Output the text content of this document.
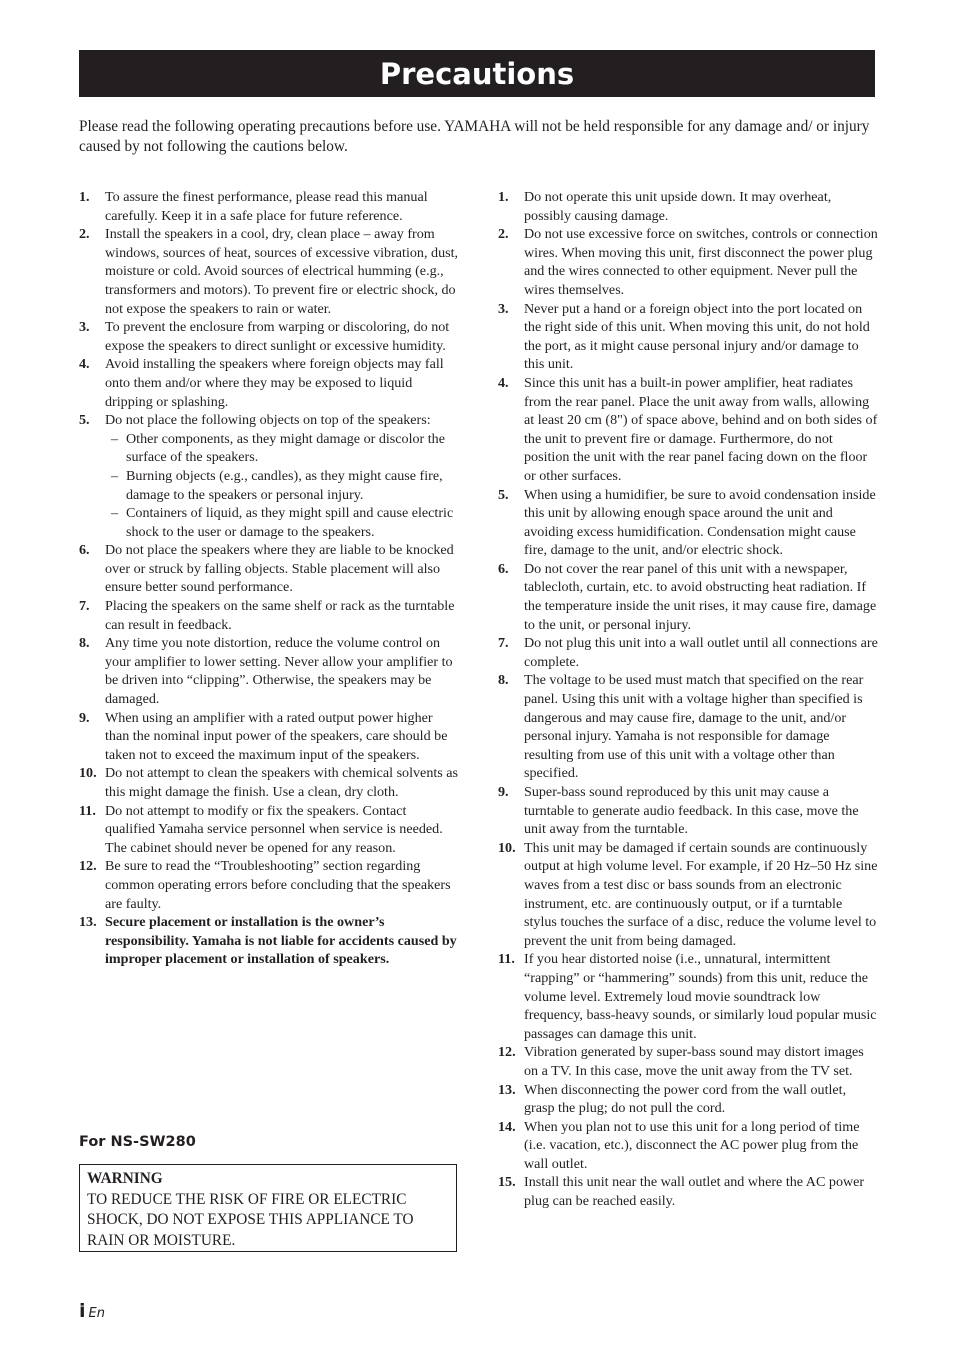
Precautions

Please read the following operating precautions before use. YAMAHA will not be held responsible for any damage and/ or injury caused by not following the cautions below.

1. To assure the finest performance, please read this manual carefully. Keep it in a safe place for future reference.
2. Install the speakers in a cool, dry, clean place – away from windows, sources of heat, sources of excessive vibration, dust, moisture or cold. Avoid sources of electrical humming (e.g., transformers and motors). To prevent fire or electric shock, do not expose the speakers to rain or water.
3. To prevent the enclosure from warping or discoloring, do not expose the speakers to direct sunlight or excessive humidity.
4. Avoid installing the speakers where foreign objects may fall onto them and/or where they may be exposed to liquid dripping or splashing.
5. Do not place the following objects on top of the speakers:
– Other components, as they might damage or discolor the surface of the speakers.
– Burning objects (e.g., candles), as they might cause fire, damage to the speakers or personal injury.
– Containers of liquid, as they might spill and cause electric shock to the user or damage to the speakers.
6. Do not place the speakers where they are liable to be knocked over or struck by falling objects. Stable placement will also ensure better sound performance.
7. Placing the speakers on the same shelf or rack as the turntable can result in feedback.
8. Any time you note distortion, reduce the volume control on your amplifier to lower setting. Never allow your amplifier to be driven into “clipping”. Otherwise, the speakers may be damaged.
9. When using an amplifier with a rated output power higher than the nominal input power of the speakers, care should be taken not to exceed the maximum input of the speakers.
10. Do not attempt to clean the speakers with chemical solvents as this might damage the finish. Use a clean, dry cloth.
11. Do not attempt to modify or fix the speakers. Contact qualified Yamaha service personnel when service is needed. The cabinet should never be opened for any reason.
12. Be sure to read the “Troubleshooting” section regarding common operating errors before concluding that the speakers are faulty.
13. Secure placement or installation is the owner’s responsibility. Yamaha is not liable for accidents caused by improper placement or installation of speakers.
For NS-SW280
WARNING
TO REDUCE THE RISK OF FIRE OR ELECTRIC SHOCK, DO NOT EXPOSE THIS APPLIANCE TO RAIN OR MOISTURE.
1. Do not operate this unit upside down. It may overheat, possibly causing damage.
2. Do not use excessive force on switches, controls or connection wires. When moving this unit, first disconnect the power plug and the wires connected to other equipment. Never pull the wires themselves.
3. Never put a hand or a foreign object into the port located on the right side of this unit. When moving this unit, do not hold the port, as it might cause personal injury and/or damage to this unit.
4. Since this unit has a built-in power amplifier, heat radiates from the rear panel. Place the unit away from walls, allowing at least 20 cm (8") of space above, behind and on both sides of the unit to prevent fire or damage. Furthermore, do not position the unit with the rear panel facing down on the floor or other surfaces.
5. When using a humidifier, be sure to avoid condensation inside this unit by allowing enough space around the unit and avoiding excess humidification. Condensation might cause fire, damage to the unit, and/or electric shock.
6. Do not cover the rear panel of this unit with a newspaper, tablecloth, curtain, etc. to avoid obstructing heat radiation. If the temperature inside the unit rises, it may cause fire, damage to the unit, or personal injury.
7. Do not plug this unit into a wall outlet until all connections are complete.
8. The voltage to be used must match that specified on the rear panel. Using this unit with a voltage higher than specified is dangerous and may cause fire, damage to the unit, and/or personal injury. Yamaha is not responsible for damage resulting from use of this unit with a voltage other than specified.
9. Super-bass sound reproduced by this unit may cause a turntable to generate audio feedback. In this case, move the unit away from the turntable.
10. This unit may be damaged if certain sounds are continuously output at high volume level. For example, if 20 Hz–50 Hz sine waves from a test disc or bass sounds from an electronic instrument, etc. are continuously output, or if a turntable stylus touches the surface of a disc, reduce the volume level to prevent the unit from being damaged.
11. If you hear distorted noise (i.e., unnatural, intermittent “rapping” or “hammering” sounds) from this unit, reduce the volume level. Extremely loud movie soundtrack low frequency, bass-heavy sounds, or similarly loud popular music passages can damage this unit.
12. Vibration generated by super-bass sound may distort images on a TV. In this case, move the unit away from the TV set.
13. When disconnecting the power cord from the wall outlet, grasp the plug; do not pull the cord.
14. When you plan not to use this unit for a long period of time (i.e. vacation, etc.), disconnect the AC power plug from the wall outlet.
15. Install this unit near the wall outlet and where the AC power plug can be reached easily.
i En
